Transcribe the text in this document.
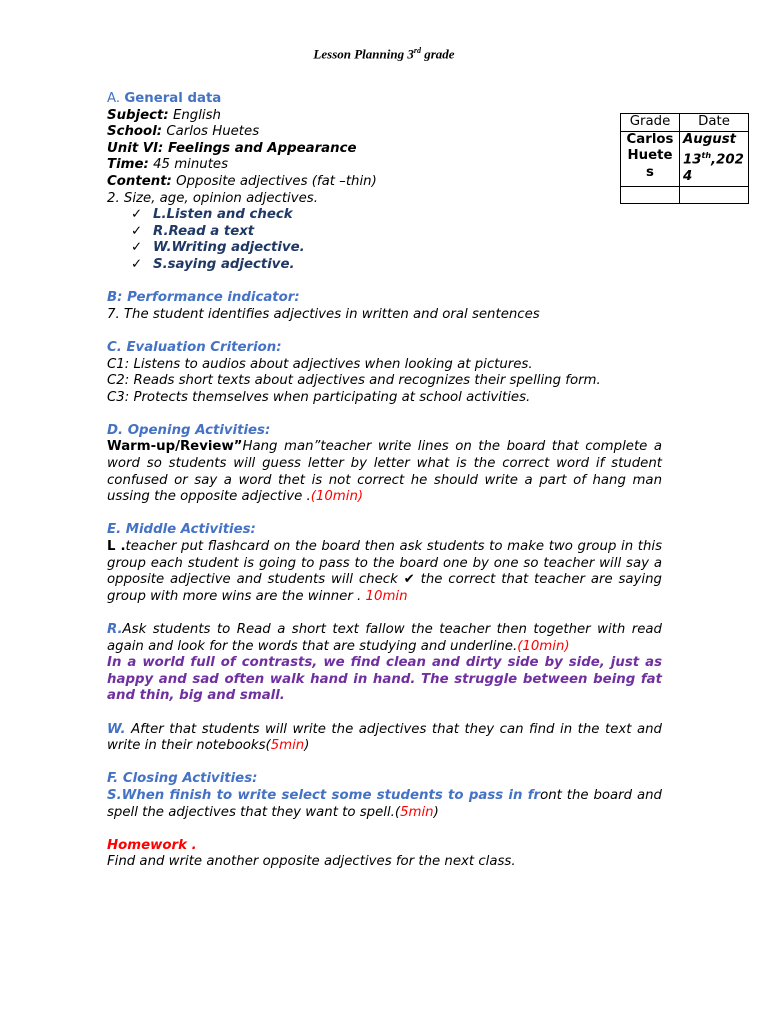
Lesson Planning 3rd grade
Grade	Date
Carlos Huetes	August 13th,2024

A. General data

Subject: English

School: Carlos Huetes

Unit VI: Feelings and Appearance

Time: 45 minutes

Content: Opposite adjectives (fat –thin)

2. Size, age, opinion adjectives.

✓ L.Listen and check

✓ R.Read a text

✓ W.Writing adjective.

✓ S.saying adjective.

B: Performance indicator:

7. The student identifies adjectives in written and oral sentences

C. Evaluation Criterion:

C1: Listens to audios about adjectives when looking at pictures.

C2: Reads short texts about adjectives and recognizes their spelling form.

C3: Protects themselves when participating at school activities.

D. Opening Activities:

Warm-up/Review”Hang man”teacher write lines on the board that complete a word so students will guess letter by letter what is the correct word if student confused or say a word thet is not correct he should write a part of hang man ussing the opposite adjective .(10min)

E. Middle Activities:

L .teacher put flashcard on the board then ask students to make two group in this group each student is going to pass to the board one by one so teacher will say a opposite adjective and students will check ✔ the correct that teacher are saying group with more wins are the winner . 10min

R.Ask students to Read a short text fallow the teacher then together with read again and look for the words that are studying and underline.(10min)

In a world full of contrasts, we find clean and dirty side by side, just as happy and sad often walk hand in hand. The struggle between being fat and thin, big and small.

W. After that students will write the adjectives that they can find in the text and write in their notebooks(5min)

F. Closing Activities:

S.When finish to write select some students to pass in front the board and spell the adjectives that they want to spell.(5min)

Homework .

Find and write another opposite adjectives for the next class.
